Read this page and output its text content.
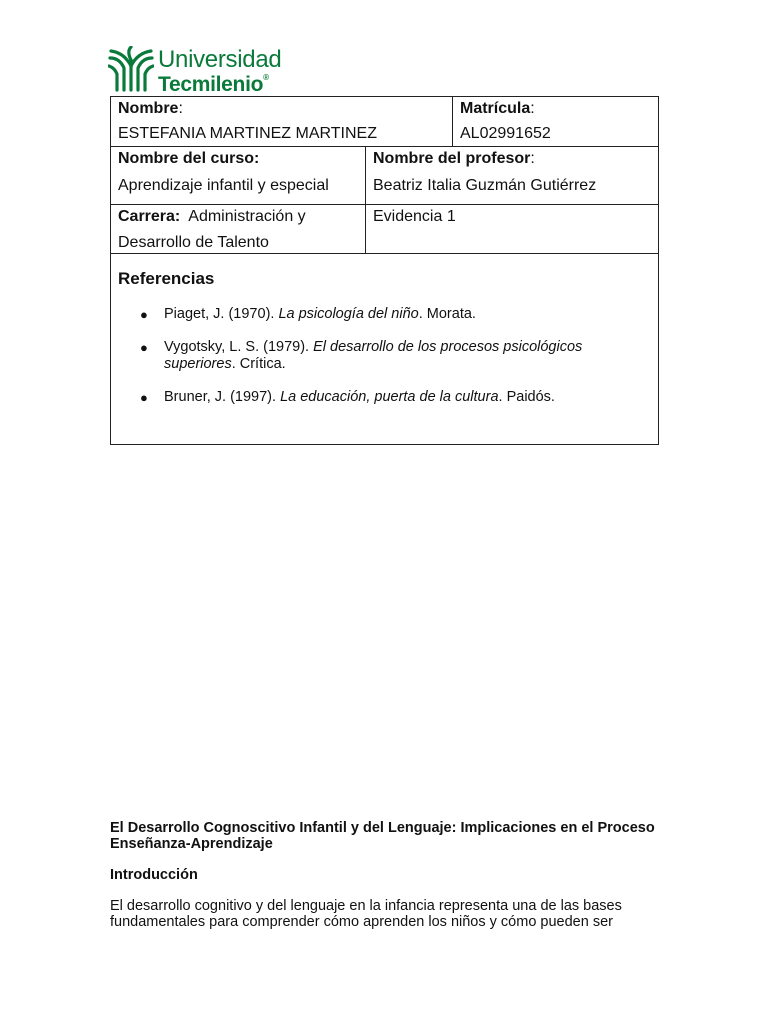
Universidad
Tecmilenio®
Nombre:
ESTEFANIA MARTINEZ MARTINEZ
Matrícula:
AL02991652
Nombre del curso:
Aprendizaje infantil y especial
Nombre del profesor:
Beatriz Italia Guzmán Gutiérrez
Carrera: Administración y
Desarrollo de Talento
Evidencia 1
Referencias
● Piaget, J. (1970). La psicología del niño. Morata.
● Vygotsky, L. S. (1979). El desarrollo de los procesos psicológicos superiores. Crítica.
● Bruner, J. (1997). La educación, puerta de la cultura. Paidós.
El Desarrollo Cognoscitivo Infantil y del Lenguaje: Implicaciones en el Proceso Enseñanza-Aprendizaje
Introducción
El desarrollo cognitivo y del lenguaje en la infancia representa una de las bases fundamentales para comprender cómo aprenden los niños y cómo pueden ser
